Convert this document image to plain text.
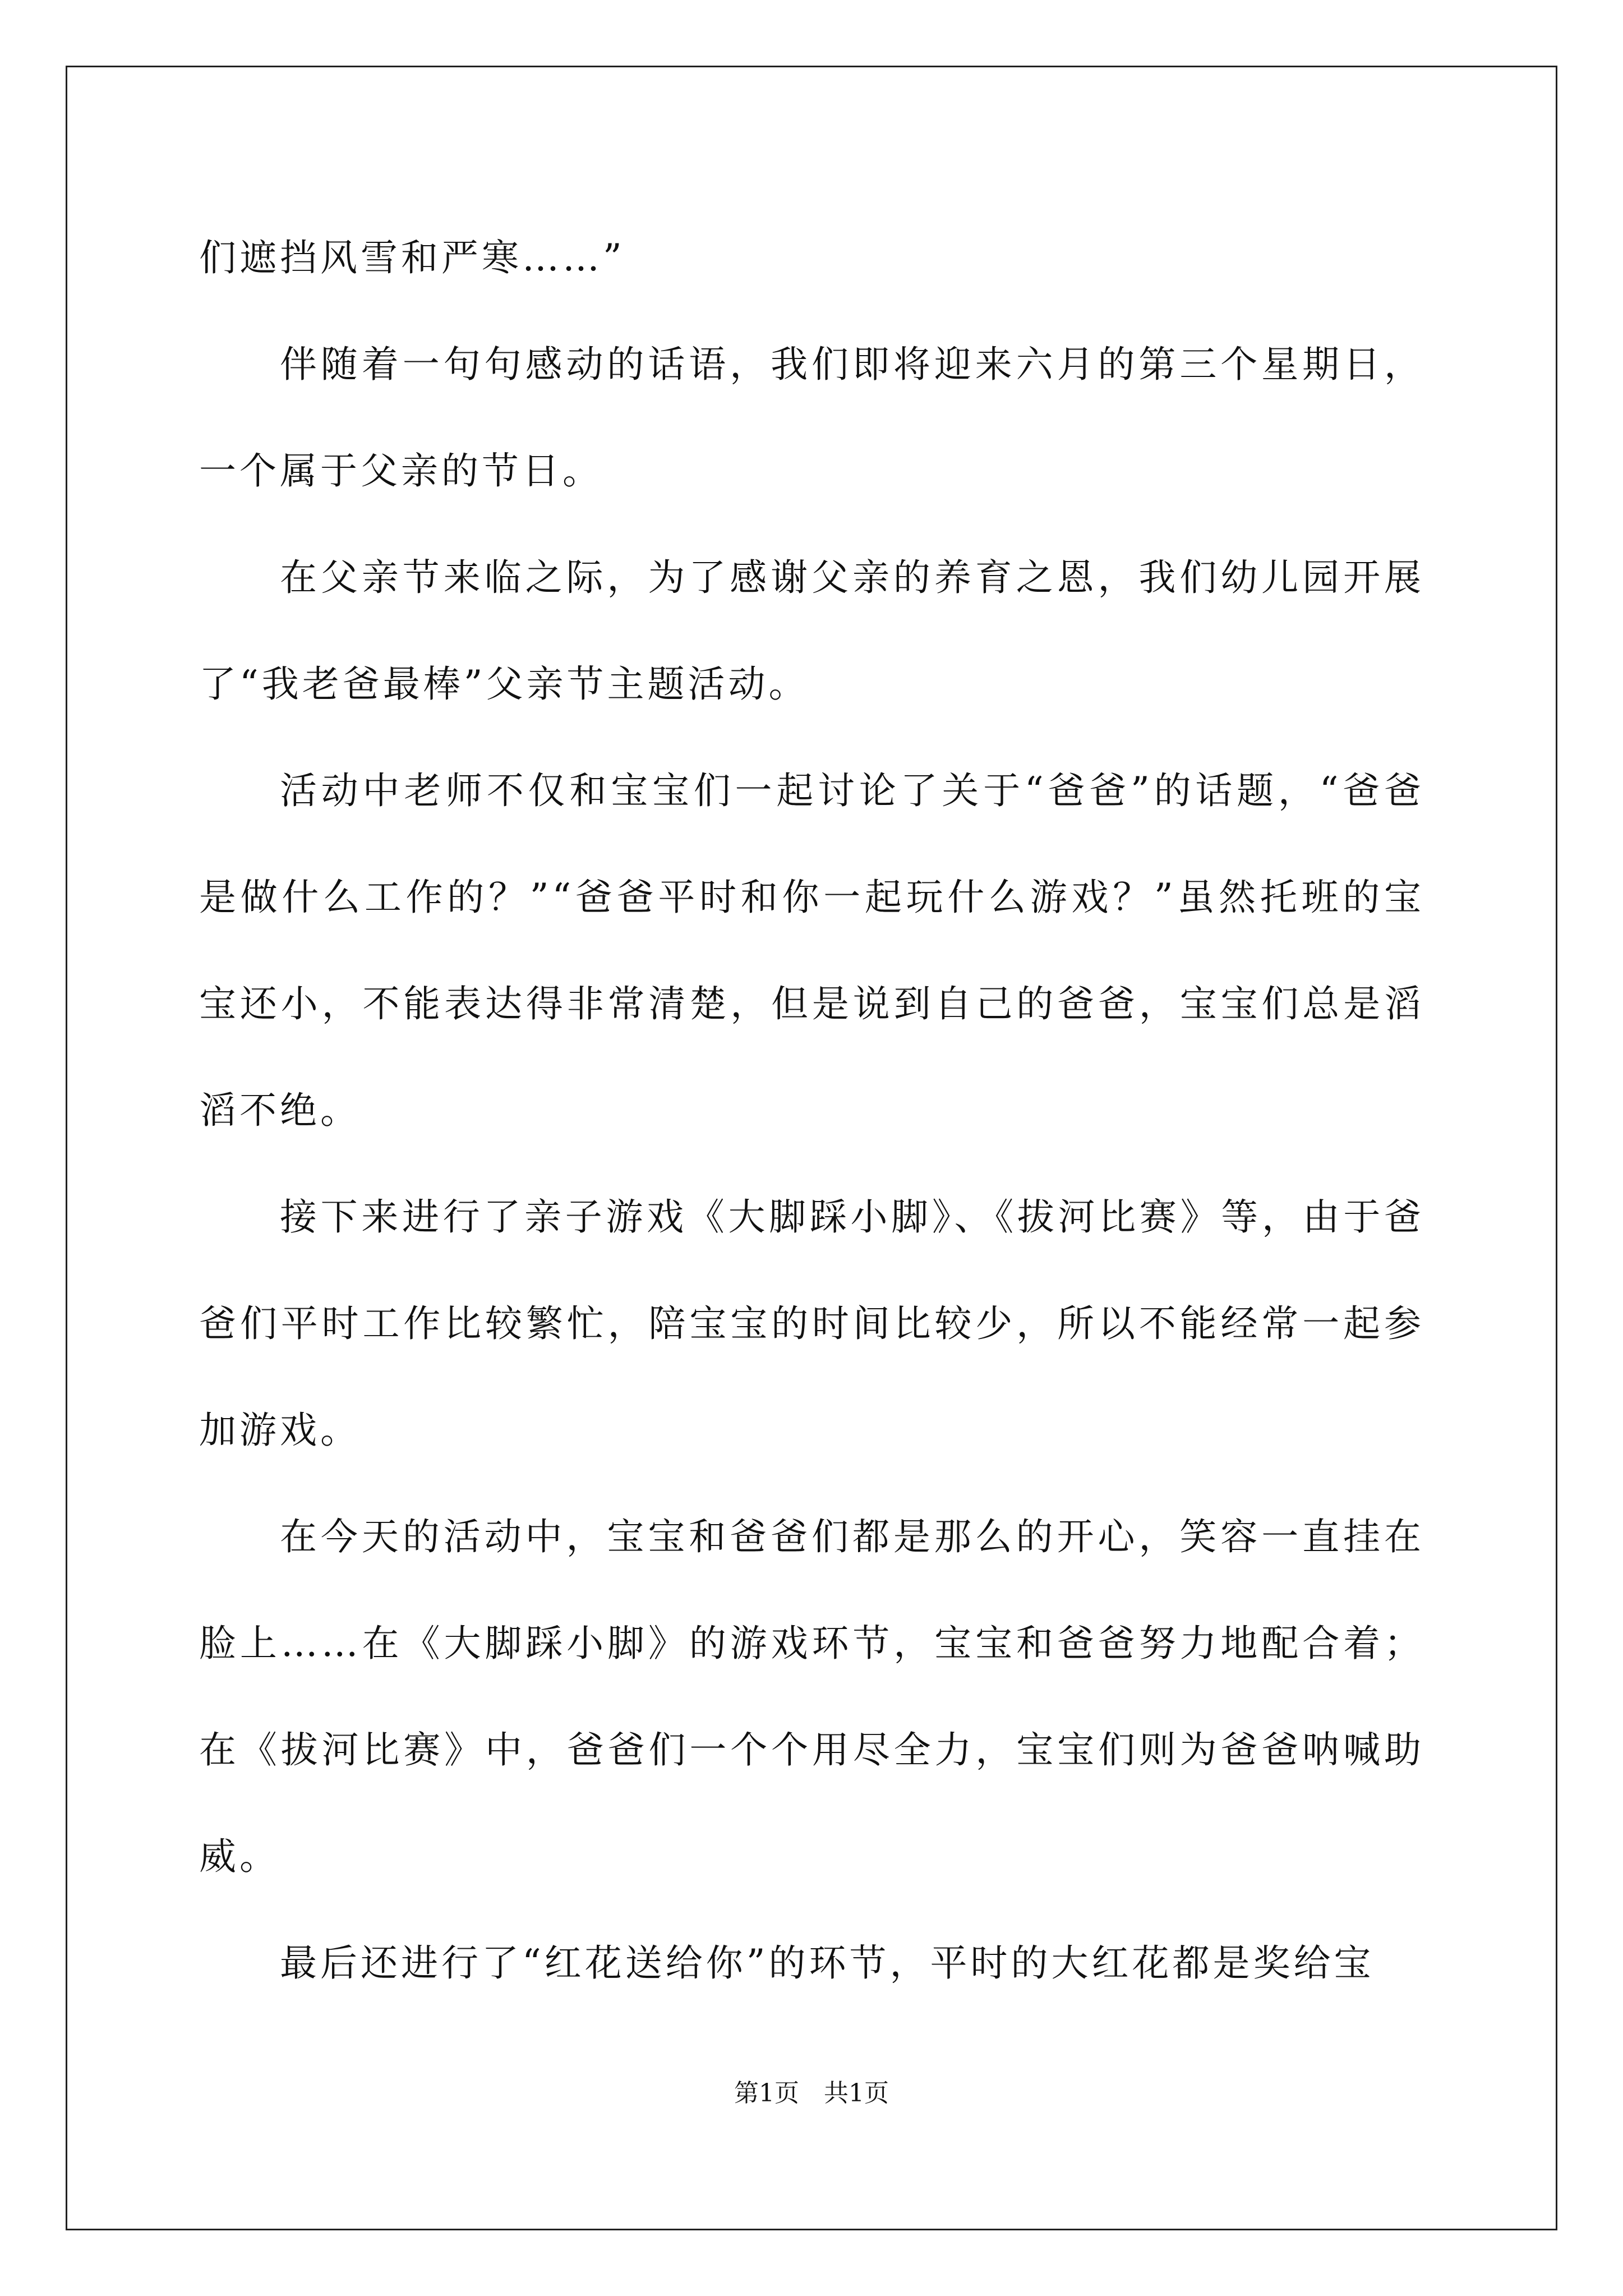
们遮挡风雪和严寒……”

伴随着一句句感动的话语，我们即将迎来六月的第三个星期日，一个属于父亲的节日。

在父亲节来临之际，为了感谢父亲的养育之恩，我们幼儿园开展了“我老爸最棒”父亲节主题活动。

活动中老师不仅和宝宝们一起讨论了关于“爸爸”的话题，“爸爸是做什么工作的？”“爸爸平时和你一起玩什么游戏？”虽然托班的宝宝还小，不能表达得非常清楚，但是说到自己的爸爸，宝宝们总是滔滔不绝。

接下来进行了亲子游戏《大脚踩小脚》、《拔河比赛》等，由于爸爸们平时工作比较繁忙，陪宝宝的时间比较少，所以不能经常一起参加游戏。

在今天的活动中，宝宝和爸爸们都是那么的开心，笑容一直挂在脸上……在《大脚踩小脚》的游戏环节，宝宝和爸爸努力地配合着；在《拔河比赛》中，爸爸们一个个用尽全力，宝宝们则为爸爸呐喊助威。

最后还进行了“红花送给你”的环节，平时的大红花都是奖给宝

第1页 共1页
